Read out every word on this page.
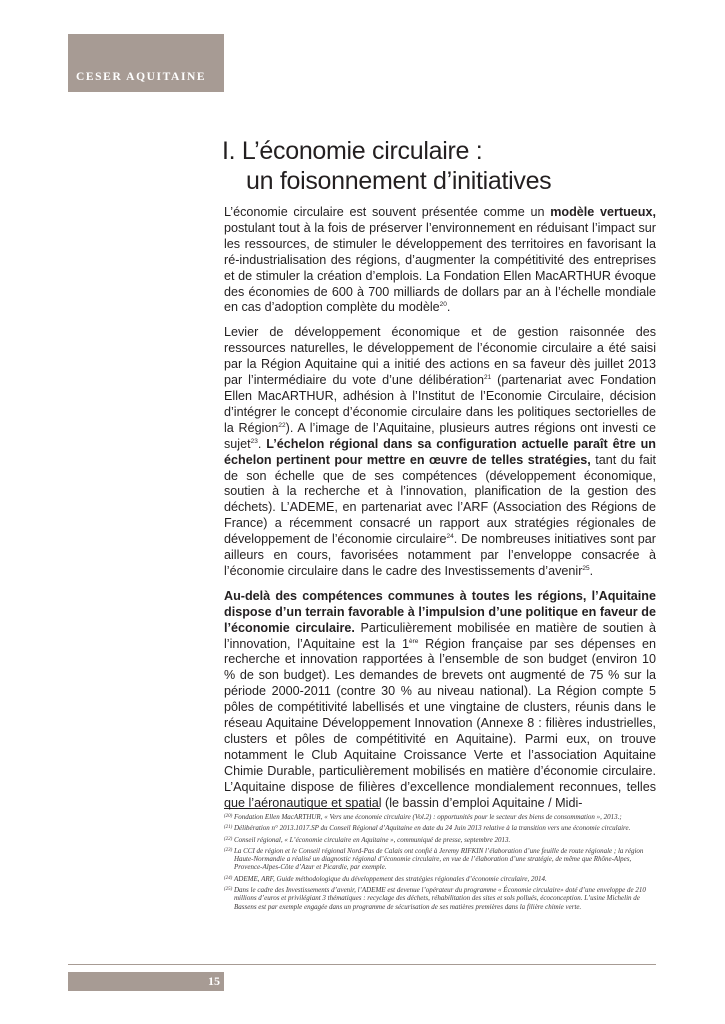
CESER AQUITAINE
I. L’économie circulaire :
un foisonnement d’initiatives

L’économie circulaire est souvent présentée comme un modèle vertueux, postulant tout à la fois de préserver l’environnement en réduisant l’impact sur les ressources, de stimuler le développement des territoires en favorisant la ré-industrialisation des régions, d’augmenter la compétitivité des entreprises et de stimuler la création d’emplois. La Fondation Ellen MacARTHUR évoque des économies de 600 à 700 milliards de dollars par an à l’échelle mondiale en cas d’adoption complète du modèle$^{20}$.

Levier de développement économique et de gestion raisonnée des ressources naturelles, le développement de l’économie circulaire a été saisi par la Région Aquitaine qui a initié des actions en sa faveur dès juillet 2013 par l’intermédiaire du vote d’une délibération$^{21}$ (partenariat avec Fondation Ellen MacARTHUR, adhésion à l’Institut de l’Economie Circulaire, décision d’intégrer le concept d’économie circulaire dans les politiques sectorielles de la Région$^{22}$). A l’image de l’Aquitaine, plusieurs autres régions ont investi ce sujet$^{23}$. L’échelon régional dans sa configuration actuelle paraît être un échelon pertinent pour mettre en œuvre de telles stratégies, tant du fait de son échelle que de ses compétences (développement économique, soutien à la recherche et à l’innovation, planification de la gestion des déchets). L’ADEME, en partenariat avec l’ARF (Association des Régions de France) a récemment consacré un rapport aux stratégies régionales de développement de l’économie circulaire$^{24}$. De nombreuses initiatives sont par ailleurs en cours, favorisées notamment par l’enveloppe consacrée à l’économie circulaire dans le cadre des Investissements d’avenir$^{25}$.

Au-delà des compétences communes à toutes les régions, l’Aquitaine dispose d’un terrain favorable à l’impulsion d’une politique en faveur de l’économie circulaire. Particulièrement mobilisée en matière de soutien à l’innovation, l’Aquitaine est la 1ère Région française par ses dépenses en recherche et innovation rapportées à l’ensemble de son budget (environ 10 % de son budget). Les demandes de brevets ont augmenté de 75 % sur la période 2000-2011 (contre 30 % au niveau national). La Région compte 5 pôles de compétitivité labellisés et une vingtaine de clusters, réunis dans le réseau Aquitaine Développement Innovation (Annexe 8 : filières industrielles, clusters et pôles de compétitivité en Aquitaine). Parmi eux, on trouve notamment le Club Aquitaine Croissance Verte et l’association Aquitaine Chimie Durable, particulièrement mobilisés en matière d’économie circulaire. L’Aquitaine dispose de filières d’excellence mondialement reconnues, telles que l’aéronautique et spatial (le bassin d’emploi Aquitaine / Midi-

(20) Fondation Ellen MacARTHUR, « Vers une économie circulaire (Vol.2) : opportunités pour le secteur des biens de consommation », 2013.;
(21) Délibération n° 2013.1017.SP du Conseil Régional d’Aquitaine en date du 24 Juin 2013 relative à la transition vers une économie circulaire.
(22) Conseil régional, « L’économie circulaire en Aquitaine », communiqué de presse, septembre 2013.
(23) La CCI de région et le Conseil régional Nord-Pas de Calais ont confié à Jeremy RIFKIN l’élaboration d’une feuille de route régionale ; la région Haute-Normandie a réalisé un diagnostic régional d’économie circulaire, en vue de l’élaboration d’une stratégie, de même que Rhône-Alpes, Provence-Alpes-Côte d’Azur et Picardie, par exemple.
(24) ADEME, ARF, Guide méthodologique du développement des stratégies régionales d’économie circulaire, 2014.
(25) Dans le cadre des Investissements d’avenir, l’ADEME est devenue l’opérateur du programme « Économie circulaire» doté d’une enveloppe de 210 millions d’euros et privilégiant 3 thématiques : recyclage des déchets, réhabilitation des sites et sols pollués, écoconception. L’usine Michelin de Bassens est par exemple engagée dans un programme de sécurisation de ses matières premières dans la filière chimie verte.
15
